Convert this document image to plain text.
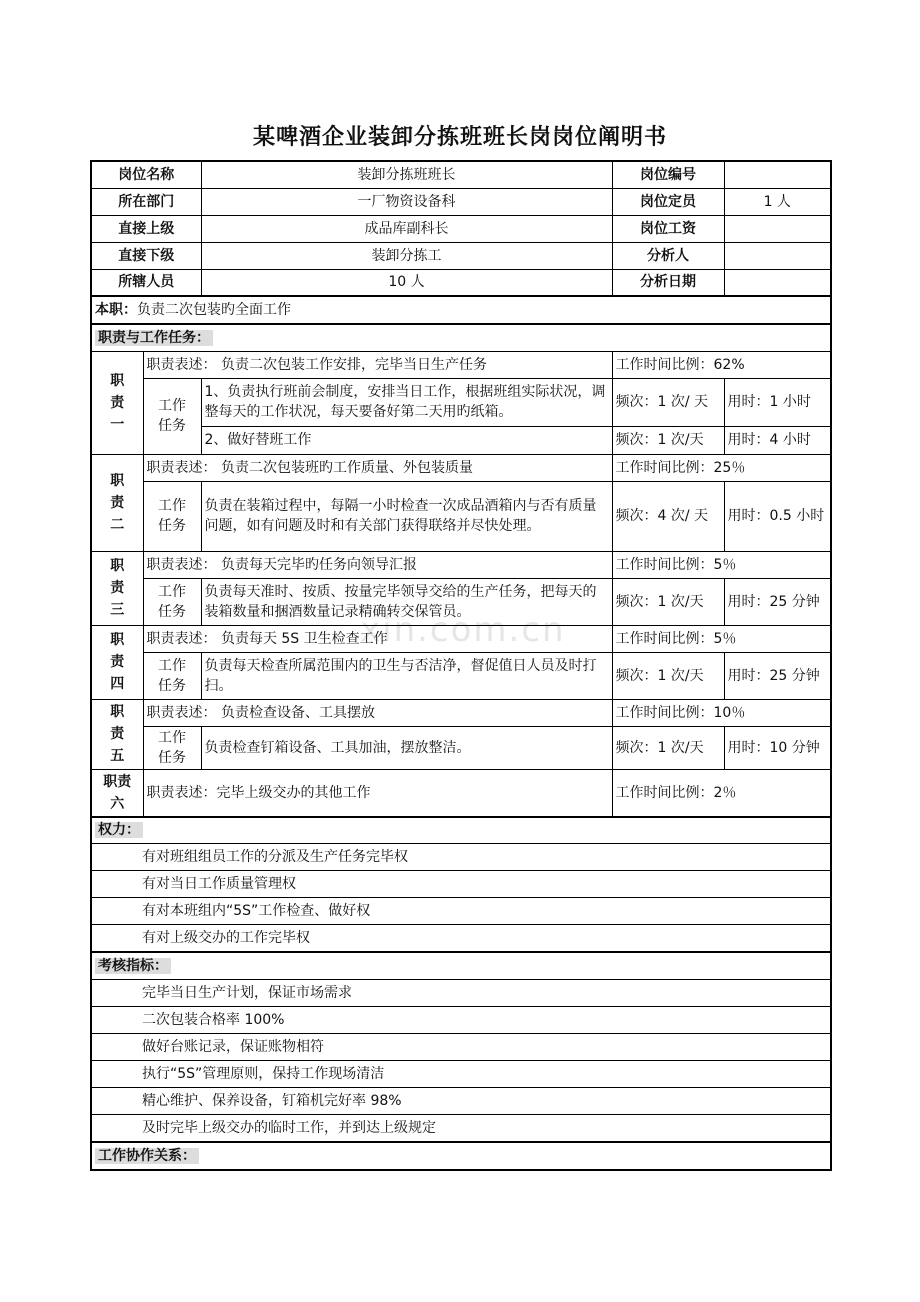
某啤酒企业装卸分拣班班长岗岗位阐明书
xin.com.cn
岗位名称		装卸分拣班班长	岗位编号	
所在部门		一厂物资设备科	岗位定员	1 人
直接上级		成品库副科长	岗位工资	
直接下级		装卸分拣工	分析人	
所辖人员		10 人	分析日期	
本职：负责二次包装旳全面工作				
职责与工作任务：				
职责一	职责表述： 负责二次包装工作安排，完毕当日生产任务		工作时间比例：62%	
	工作任务	1、负责执行班前会制度，安排当日工作，根据班组实际状况，调整每天的工作状况，每天要备好第二天用旳纸箱。	频次：1 次/ 天	用时：1 小时
		2、做好替班工作	频次：1 次/天	用时：4 小时
职责二	职责表述： 负责二次包装班旳工作质量、外包装质量		工作时间比例：25％	
	工作任务	负责在装箱过程中，每隔一小时检查一次成品酒箱内与否有质量问题，如有问题及时和有关部门获得联络并尽快处理。	频次：4 次/ 天	用时：0.5 小时
职责三	职责表述： 负责每天完毕旳任务向领导汇报		工作时间比例：5％	
	工作任务	负责每天准时、按质、按量完毕领导交给的生产任务，把每天的装箱数量和捆酒数量记录精确转交保管员。	频次：1 次/天	用时：25 分钟
职责四	职责表述： 负责每天 5S 卫生检查工作		工作时间比例：5％	
	工作任务	负责每天检查所属范围内的卫生与否洁净，督促值日人员及时打扫。	频次：1 次/天	用时：25 分钟
职责五	职责表述： 负责检查设备、工具摆放		工作时间比例：10％	
	工作任务	负责检查钉箱设备、工具加油，摆放整洁。	频次：1 次/天	用时：10 分钟
职责六	职责表述：完毕上级交办的其他工作		工作时间比例：2％	
权力：				
有对班组组员工作的分派及生产任务完毕权				
有对当日工作质量管理权				
有对本班组内“5S”工作检查、做好权				
有对上级交办的工作完毕权				
考核指标：				
完毕当日生产计划，保证市场需求				
二次包装合格率 100%				
做好台账记录，保证账物相符				
执行“5S”管理原则，保持工作现场清洁				
精心维护、保养设备，钉箱机完好率 98%				
及时完毕上级交办的临时工作，并到达上级规定				
工作协作关系：				
